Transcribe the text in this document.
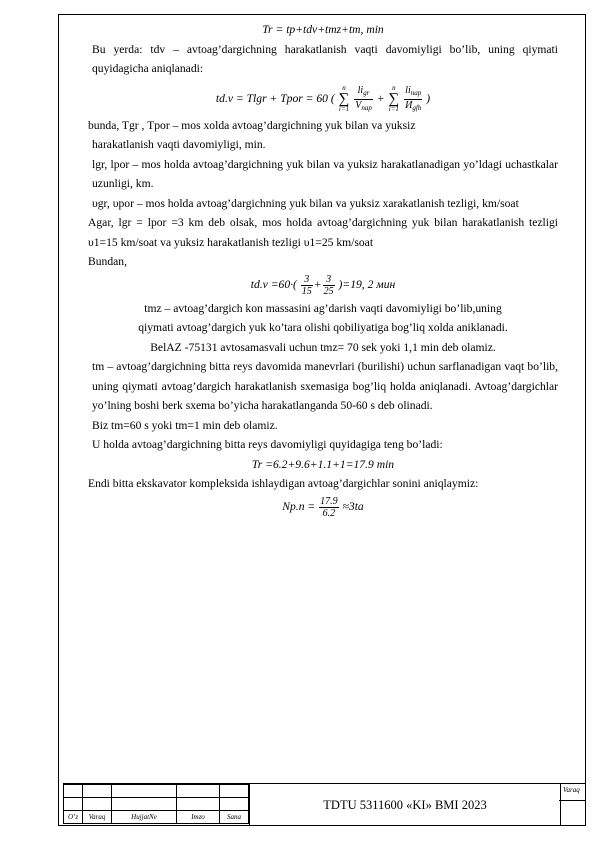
Tr = tp+tdv+tmz+tm, min

Bu yerda: tdv – avtoag’dargichning harakatlanish vaqti davomiyligi bo’lib, uning qiymati quyidagicha aniqlanadi:

td.v = Tlgr + Tpor = 60 ( n
∑
$i=1 \frac{li_{gr}}{V_{nap}} + n$
∑
$i=1 \frac{li_{nap}}{И_{gfh}}$ )

bunda, Tgr , Tpor – mos xolda avtoag’dargichning yuk bilan va yuksiz

harakatlanish vaqti davomiyligi, min.

lgr, lpor – mos holda avtoag’dargichning yuk bilan va yuksiz harakatlanadigan yo’ldagi uchastkalar uzunligi, km.

υgr, υpor – mos holda avtoag’dargichning yuk bilan va yuksiz xarakatlanish tezligi, km/soat

Agar, lgr = lpor =3 km deb olsak, mos holda avtoag’dargichning yuk bilan harakatlanish tezligi υ1=15 km/soat va yuksiz harakatlanish tezligi υ1=25 km/soat

Bundan,

$td.v =60\cdot( \frac{3}{15} + \frac{3}{25} )=19$, 2 мин

tmz – avtoag’dargich kon massasini ag’darish vaqti davomiyligi bo’lib,uning

qiymati avtoag’dargich yuk ko’tara olishi qobiliyatiga bog’liq xolda aniklanadi.

BelAZ -75131 avtosamasvali uchun tmz= 70 sek yoki 1,1 min deb olamiz.

tm – avtoag’dargichning bitta reys davomida manevrlari (burilishi) uchun sarflanadigan vaqt bo’lib, uning qiymati avtoag’dargich harakatlanish sxemasiga bog’liq holda aniqlanadi. Avtoag’dargichlar yo’lning boshi berk sxema bo’yicha harakatlanganda 50-60 s deb olinadi.

Biz tm=60 s yoki tm=1 min deb olamiz.

U holda avtoag’dargichning bitta reys davomiyligi quyidagiga teng bo’ladi:

Tr =6.2+9.6+1.1+1=17.9 min

Endi bitta ekskavator kompleksida ishlaydigan avtoag’dargichlar sonini aniqlaymiz:

$Np.n = \frac{17.9}{6.2} \approx 3ta$

O’z	Varaq	HujjatNe	Imzo	Sana
TDTU 5311600 «KI» BMI 2023
Varaq
